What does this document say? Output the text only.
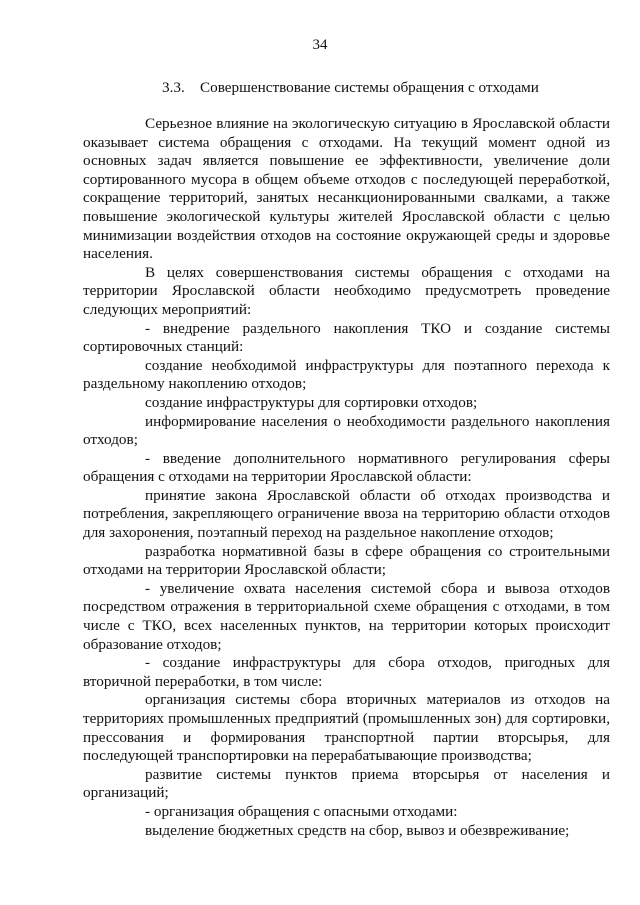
34
3.3. Совершенствование системы обращения с отходами

Серьезное влияние на экологическую ситуацию в Ярославской области оказывает система обращения с отходами. На текущий момент одной из основных задач является повышение ее эффективности, увеличение доли сортированного мусора в общем объеме отходов с последующей переработкой, сокращение территорий, занятых несанкционированными свалками, а также повышение экологической культуры жителей Ярославской области с целью минимизации воздействия отходов на состояние окружающей среды и здоровье населения.

В целях совершенствования системы обращения с отходами на территории Ярославской области необходимо предусмотреть проведение следующих мероприятий:

- внедрение раздельного накопления ТКО и создание системы сортировочных станций:

создание необходимой инфраструктуры для поэтапного перехода к раздельному накоплению отходов;

создание инфраструктуры для сортировки отходов;

информирование населения о необходимости раздельного накопления отходов;

- введение дополнительного нормативного регулирования сферы обращения с отходами на территории Ярославской области:

принятие закона Ярославской области об отходах производства и потребления, закрепляющего ограничение ввоза на территорию области отходов для захоронения, поэтапный переход на раздельное накопление отходов;

разработка нормативной базы в сфере обращения со строительными отходами на территории Ярославской области;

- увеличение охвата населения системой сбора и вывоза отходов посредством отражения в территориальной схеме обращения с отходами, в том числе с ТКО, всех населенных пунктов, на территории которых происходит образование отходов;

- создание инфраструктуры для сбора отходов, пригодных для вторичной переработки, в том числе:

организация системы сбора вторичных материалов из отходов на территориях промышленных предприятий (промышленных зон) для сортировки, прессования и формирования транспортной партии вторсырья, для последующей транспортировки на перерабатывающие производства;

развитие системы пунктов приема вторсырья от населения и организаций;

- организация обращения с опасными отходами:

выделение бюджетных средств на сбор, вывоз и обезвреживание;
